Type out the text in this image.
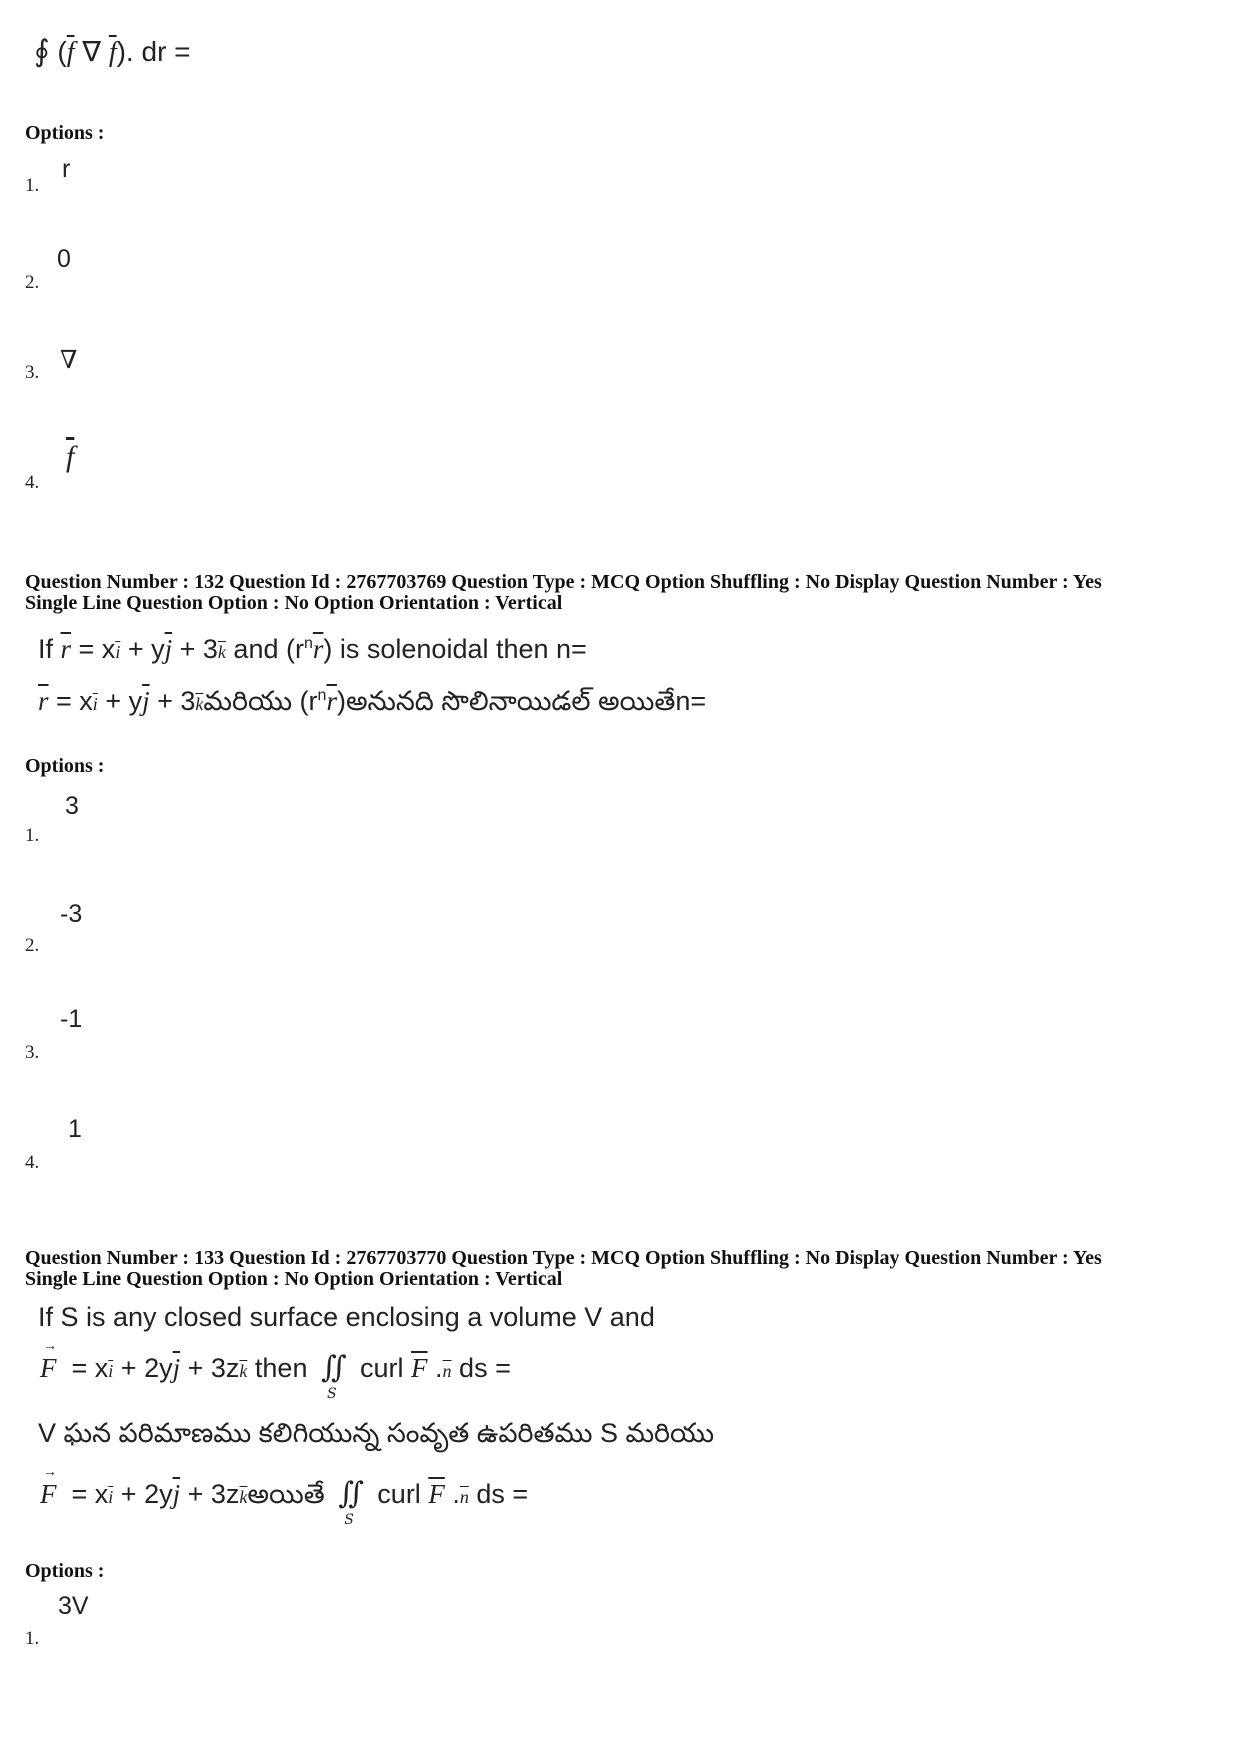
∮ ($\overline{f}$ ∇ $\overline{f}$). dr =
Options :
1.
r
2.
0
3. ∇
4.
$\overline{f}$
Question Number : 132 Question Id : 2767703769 Question Type : MCQ Option Shuffling : No Display Question Number : Yes
Single Line Question Option : No Option Orientation : Vertical
If $\overline{r} = x\overline{i} + y\overline{j} + 3\overline{k}$ and $(r^n\overline{r})$ is solenoidal then n=
$\overline{r} = x\overline{i} + y\overline{j}$ + $3\overline{k}మరియు$ $(r^n\overline{r})అనునది$ సొలినాయిడల్ అయితేn=
Options :
1.
3
2.
-3
3.
-1
4.
1
Question Number : 133 Question Id : 2767703770 Question Type : MCQ Option Shuffling : No Display Question Number : Yes
Single Line Question Option : No Option Orientation : Vertical
If S is any closed surface enclosing a volume V and
F
→
= $x\overline{i} + 2y\overline{j} + 3z\overline{k}$ then ∬
S
curl $\overline{F}$ $.\overline{n}$ ds =
V ఘన పరిమాణము కలిగియున్న సంవృత ఉపరితము S మరియు
F
→
= $x\overline{i} + 2y\overline{j}$ + $3z\overline{k}అయితే$ ∬
S
curl $\overline{F}$ $.\overline{n}$ ds =
Options :
1.
3V
